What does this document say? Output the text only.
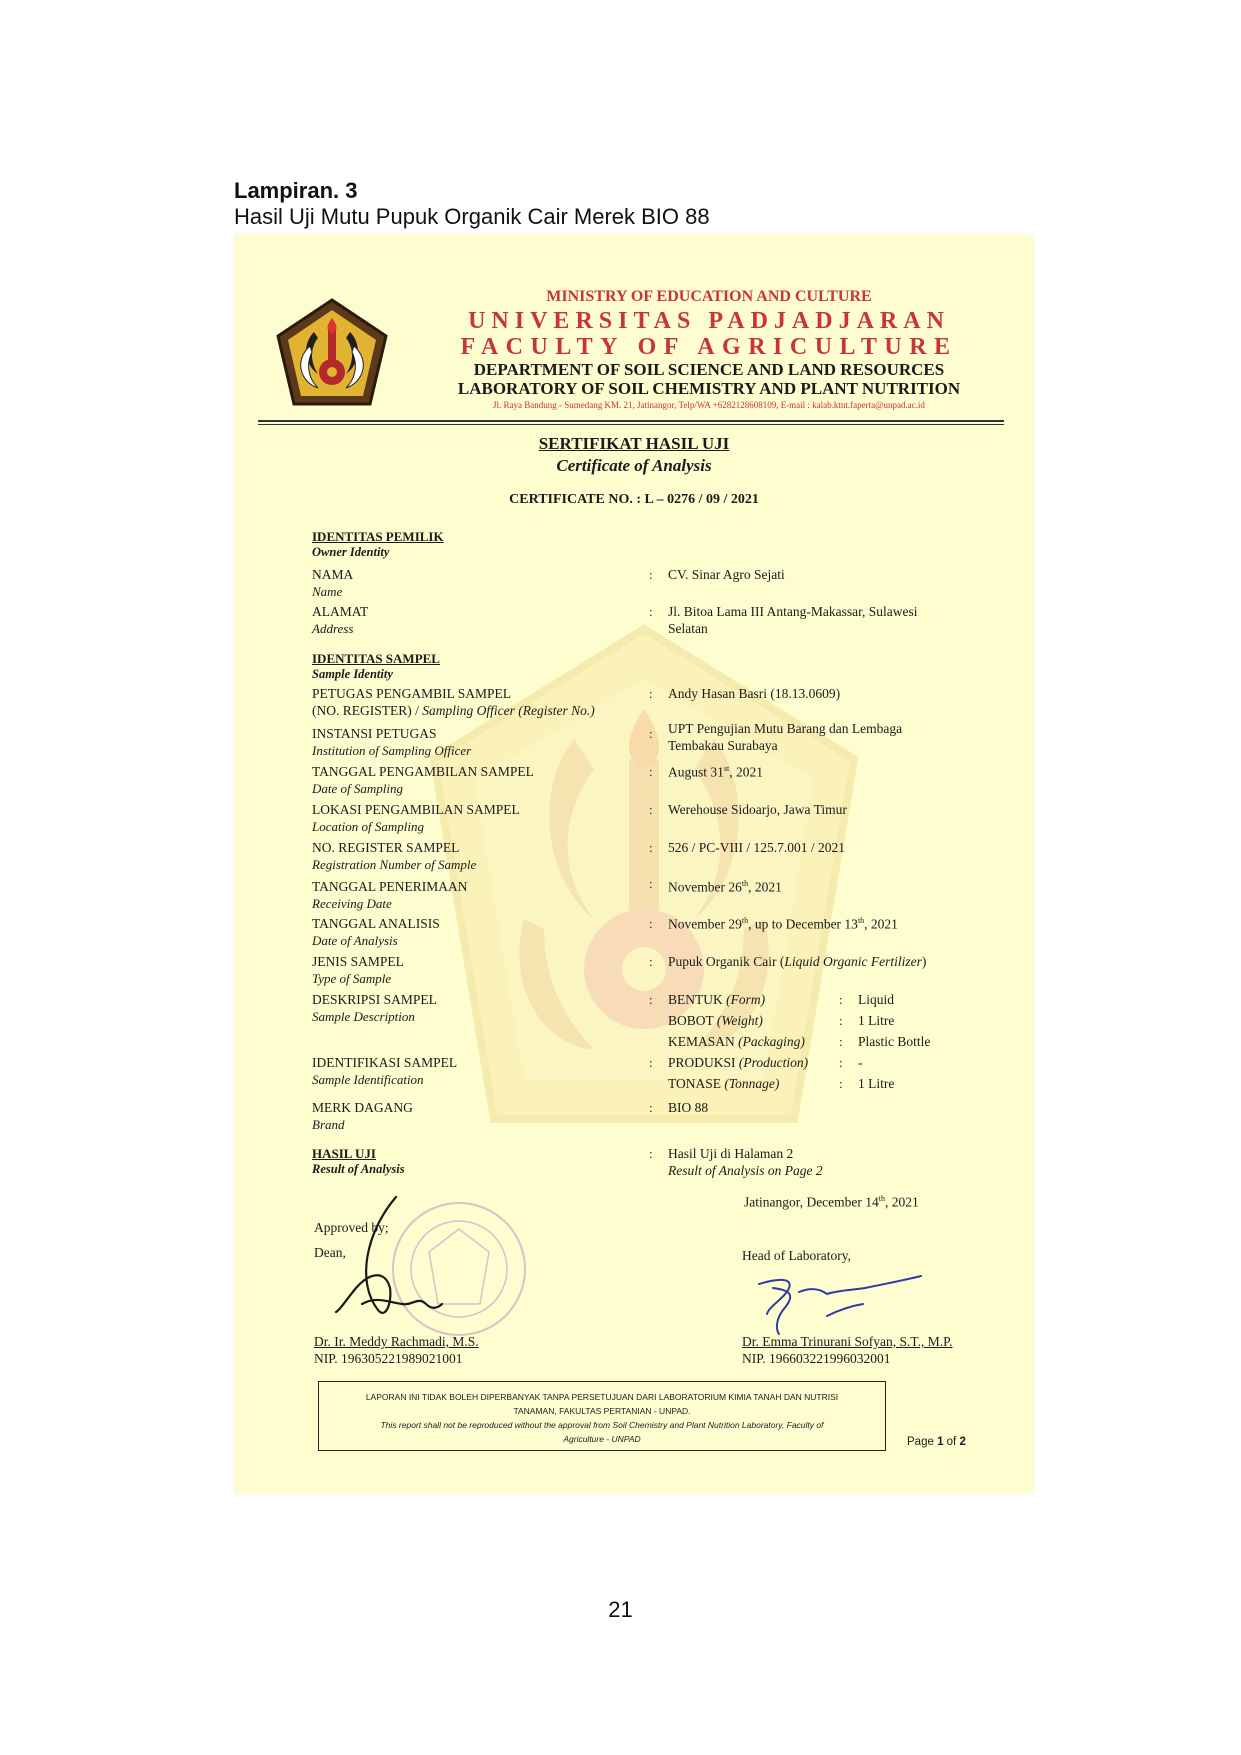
Lampiran. 3
Hasil Uji Mutu Pupuk Organik Cair Merek BIO 88
MINISTRY OF EDUCATION AND CULTURE
UNIVERSITAS PADJADJARAN
FACULTY OF AGRICULTURE
DEPARTMENT OF SOIL SCIENCE AND LAND RESOURCES
LABORATORY OF SOIL CHEMISTRY AND PLANT NUTRITION
Jl. Raya Bandung - Sumedang KM. 21, Jatinangor, Telp/WA +6282128608109, E-mail : kalab.ktnt.faperta@unpad.ac.id
SERTIFIKAT HASIL UJI
Certificate of Analysis
CERTIFICATE NO. : L – 0276 / 09 / 2021
IDENTITAS PEMILIK
Owner Identity
NAMA
Name
: CV. Sinar Agro Sejati
ALAMAT
Address
: Jl. Bitoa Lama III Antang-Makassar, Sulawesi
Selatan
IDENTITAS SAMPEL
Sample Identity
PETUGAS PENGAMBIL SAMPEL
(NO. REGISTER) / Sampling Officer (Register No.)
: Andy Hasan Basri (18.13.0609)
INSTANSI PETUGAS
Institution of Sampling Officer
: UPT Pengujian Mutu Barang dan Lembaga
Tembakau Surabaya
TANGGAL PENGAMBILAN SAMPEL
Date of Sampling
: August 31st, 2021
LOKASI PENGAMBILAN SAMPEL
Location of Sampling
: Werehouse Sidoarjo, Jawa Timur
NO. REGISTER SAMPEL
Registration Number of Sample
: 526 / PC-VIII / 125.7.001 / 2021
TANGGAL PENERIMAAN
Receiving Date
: November 26th, 2021
TANGGAL ANALISIS
Date of Analysis
: November 29th, up to December 13th, 2021
JENIS SAMPEL
Type of Sample
: Pupuk Organik Cair (Liquid Organic Fertilizer)
DESKRIPSI SAMPEL
Sample Description
: BENTUK (Form)	: Liquid
BOBOT (Weight)	: 1 Litre
KEMASAN (Packaging)	: Plastic Bottle
IDENTIFIKASI SAMPEL
Sample Identification
: PRODUKSI (Production) : -
TONASE (Tonnage)	: 1 Litre
MERK DAGANG
Brand
: BIO 88
HASIL UJI
Result of Analysis
: Hasil Uji di Halaman 2
Result of Analysis on Page 2
Jatinangor, December 14th, 2021
Approved by;
Dean,	Head of Laboratory,
Dr. Ir. Meddy Rachmadi, M.S.
NIP. 196305221989021001
Dr. Emma Trinurani Sofyan, S.T., M.P.
NIP. 196603221996032001
LAPORAN INI TIDAK BOLEH DIPERBANYAK TANPA PERSETUJUAN DARI LABORATORIUM KIMIA TANAH DAN NUTRISI
TANAMAN, FAKULTAS PERTANIAN - UNPAD.
This report shall not be reproduced without the approval from Soil Chemistry and Plant Nutrition Laboratory, Faculty of
Agriculture - UNPAD	Page 1 of 2
21
